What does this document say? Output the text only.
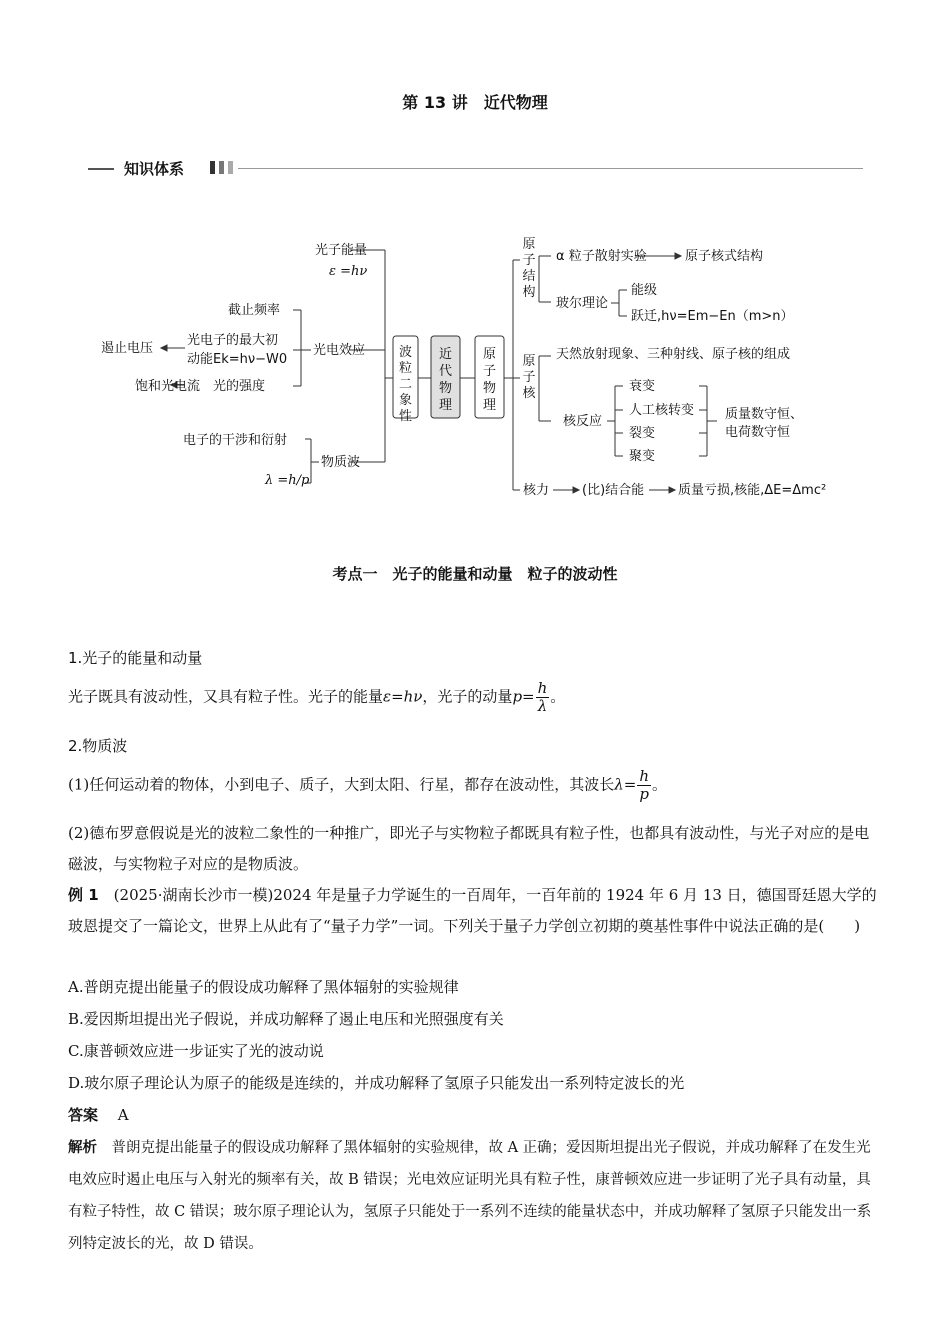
第 13 讲　近代物理
知识体系
波粒二象性
近代物理
原子物理
原子结构
原子核
光子能量
ε =hν
光电效应
截止频率
光电子的最大初
动能Ek=hν−W0
遏止电压
饱和光电流 光的强度
物质波
电子的干涉和衍射
λ =h/p
α 粒子散射实验	原子核式结构
玻尔理论
能级
跃迁,hν=Em−En（m>n）
天然放射现象、三种射线、原子核的组成
核反应
衰变
人工核转变
裂变
聚变
质量数守恒、
电荷数守恒
核力	(比)结合能	质量亏损,核能,ΔE=Δmc²
考点一　光子的能量和动量　粒子的波动性
1.光子的能量和动量
光子既具有波动性，又具有粒子性。光子的能量ε=hν，光子的动量$p= \frac{h}{\lambda}$ 。
2.物质波
(1)任何运动着的物体，小到电子、质子，大到太阳、行星，都存在波动性，其波长$\lambda= \frac{h}{p}$ 。
(2)德布罗意假说是光的波粒二象性的一种推广，即光子与实物粒子都既具有粒子性，也都具有波动性，与光子对应的是电磁波，与实物粒子对应的是物质波。
例 1　(2025·湖南长沙市一模)2024 年是量子力学诞生的一百周年，一百年前的 1924 年 6 月 13 日，德国哥廷恩大学的玻恩提交了一篇论文，世界上从此有了“量子力学”一词。下列关于量子力学创立初期的奠基性事件中说法正确的是(　　)
A.普朗克提出能量子的假设成功解释了黑体辐射的实验规律
B.爱因斯坦提出光子假说，并成功解释了遏止电压和光照强度有关
C.康普顿效应进一步证实了光的波动说
D.玻尔原子理论认为原子的能级是连续的，并成功解释了氢原子只能发出一系列特定波长的光
答案　 A
解析　 普朗克提出能量子的假设成功解释了黑体辐射的实验规律，故 A 正确；爱因斯坦提出光子假说，并成功解释了在发生光电效应时遏止电压与入射光的频率有关，故 B 错误；光电效应证明光具有粒子性，康普顿效应进一步证明了光子具有动量，具有粒子特性，故 C 错误；玻尔原子理论认为，氢原子只能处于一系列不连续的能量状态中，并成功解释了氢原子只能发出一系列特定波长的光，故 D 错误。
